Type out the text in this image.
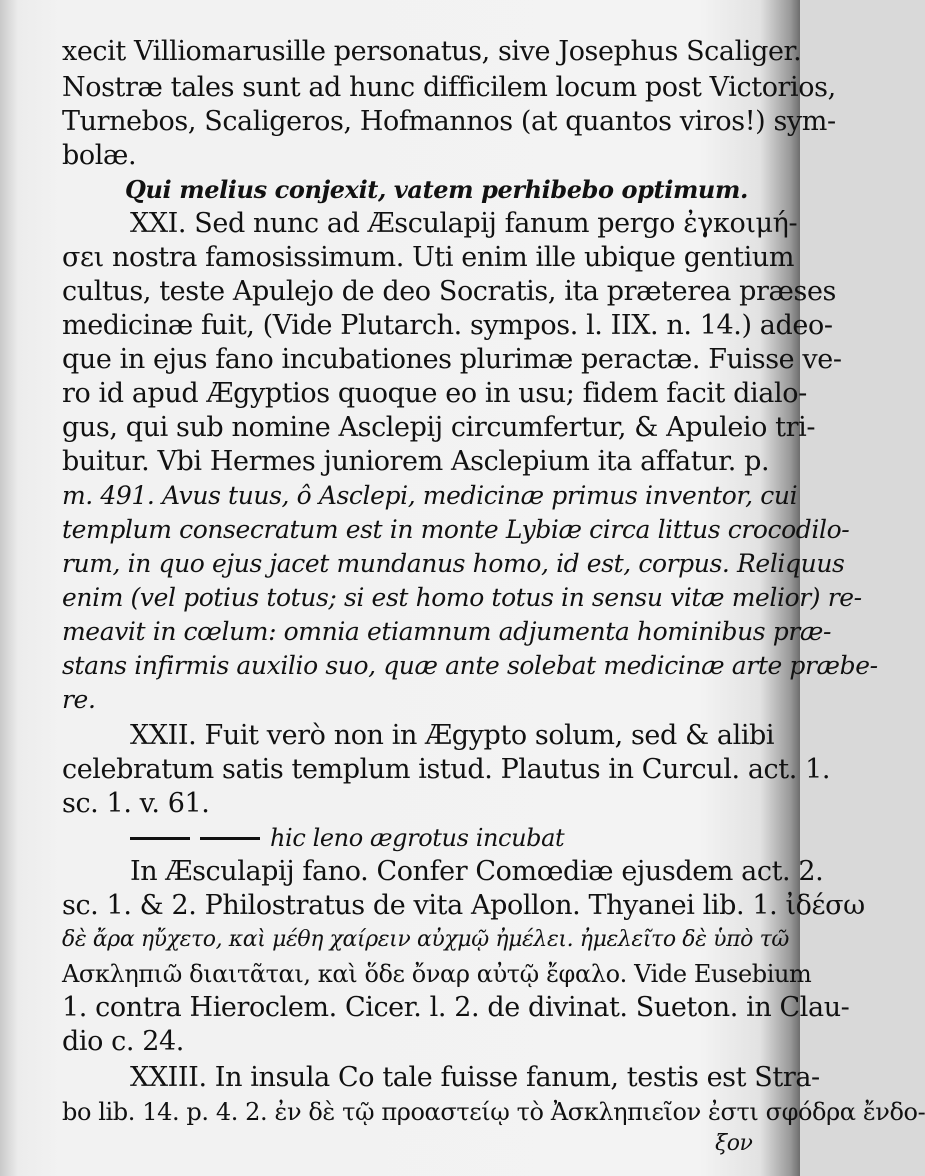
xecit Villiomarusille personatus, sive Josephus Scaliger.
Nostræ tales sunt ad hunc difficilem locum post Victorios,
Turnebos, Scaligeros, Hofmannos (at quantos viros!) sym-
bolæ.
Qui melius conjexit, vatem perhibebo optimum.
XXI. Sed nunc ad Æsculapij fanum pergo ἐγκοιμή-
σει nostra famosissimum. Uti enim ille ubique gentium
cultus, teste Apulejo de deo Socratis, ita præterea præses
medicinæ fuit, (Vide Plutarch. sympos. l. IIX. n. 14.) adeo-
que in ejus fano incubationes plurimæ peractæ. Fuisse ve-
ro id apud Ægyptios quoque eo in usu; fidem facit dialo-
gus, qui sub nomine Asclepij circumfertur, & Apuleio tri-
buitur. Vbi Hermes juniorem Asclepium ita affatur. p.
m. 491. Avus tuus, ô Asclepi, medicinæ primus inventor, cui
templum consecratum est in monte Lybiæ circa littus crocodilo-
rum, in quo ejus jacet mundanus homo, id est, corpus. Reliquus
enim (vel potius totus; si est homo totus in sensu vitæ melior) re-
meavit in cœlum: omnia etiamnum adjumenta hominibus præ-
stans infirmis auxilio suo, quæ ante solebat medicinæ arte præbe-
re.
XXII. Fuit verò non in Ægypto solum, sed & alibi
celebratum satis templum istud. Plautus in Curcul. act. 1.
sc. 1. v. 61.
hic leno ægrotus incubat
In Æsculapij fano. Confer Comœdiæ ejusdem act. 2.
sc. 1. & 2. Philostratus de vita Apollon. Thyanei lib. 1. ἰδέσω
δὲ ἄρα ηὔχετο, καὶ μέθη χαίρειν αὐχμῷ ἠμέλει. ἠμελεῖτο δὲ ὑπὸ τῶ
Ασκληπιῶ διαιτᾶται, καὶ ὅδε ὄναρ αὐτῷ ἔφαλο. Vide Eusebium
1. contra Hieroclem. Cicer. l. 2. de divinat. Sueton. in Clau-
dio c. 24.
XXIII. In insula Co tale fuisse fanum, testis est Stra-
bo lib. 14. p. 4. 2. ἐν δὲ τῷ προαστείῳ τὸ Ἀσκληπιεῖον ἐστι σφόδρα ἔνδο-
ξον
